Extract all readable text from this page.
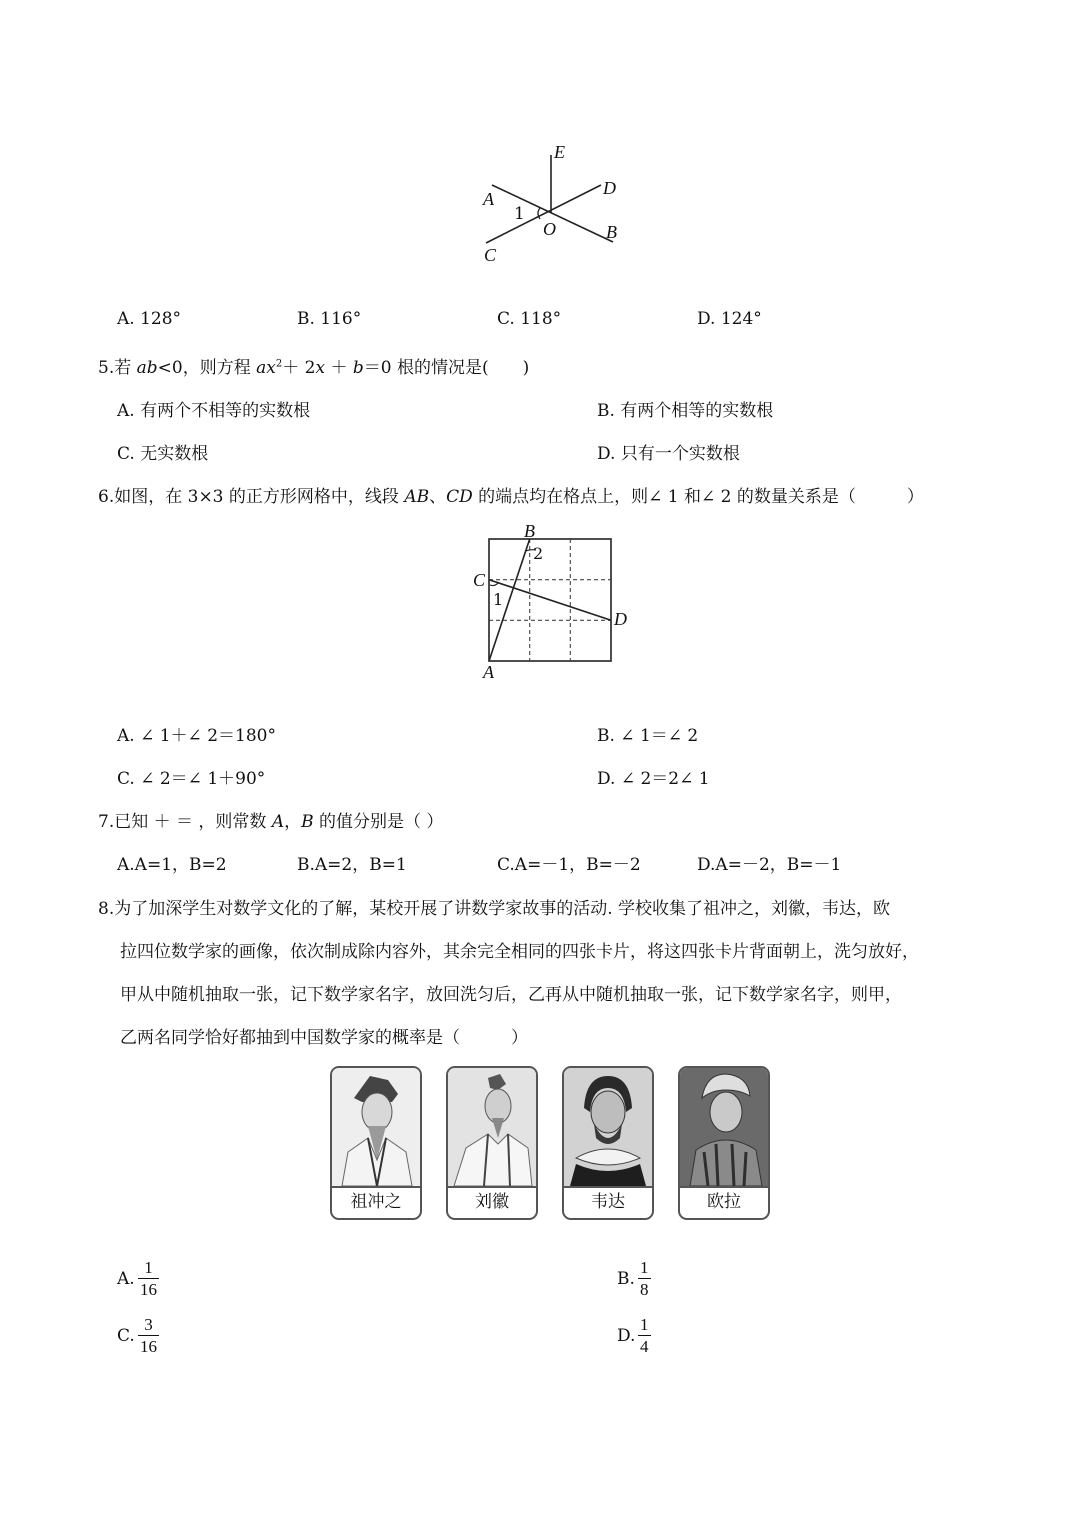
E
D
A
1
O	B
C
A. 128°	B. 116°	C. 118°	D. 124°
5.若 ab<0，则方程 $ax^2+ 2x + b=0$ 根的情况是(　　)
A. 有两个不相等的实数根	B. 有两个相等的实数根
C. 无实数根	D. 只有一个实数根
6.如图，在 3×3 的正方形网格中，线段 AB、CD 的端点均在格点上，则∠ 1 和∠ 2 的数量关系是（　　　）
B
2
C
1
D
A
A. ∠ 1＋∠ 2＝180°	B. ∠ 1＝∠ 2
C. ∠ 2＝∠ 1＋90°	D. ∠ 2＝2∠ 1
7.已知 ＋ ＝ ，则常数 A，B 的值分别是（ ）
A.A=1，B=2	B.A=2，B=1	C.A=－1，B=－2	D.A=－2，B=－1
8.为了加深学生对数学文化的了解，某校开展了讲数学家故事的活动. 学校收集了祖冲之，刘徽，韦达，欧
拉四位数学家的画像，依次制成除内容外，其余完全相同的四张卡片，将这四张卡片背面朝上，洗匀放好，
甲从中随机抽取一张，记下数学家名字，放回洗匀后，乙再从中随机抽取一张，记下数学家名字，则甲，
乙两名同学恰好都抽到中国数学家的概率是（　　　）
祖冲之	刘徽	韦达	欧拉
A. $\frac{1}{16}$	B. $\frac{1}{8}$
C. $\frac{3}{16}$	D. $\frac{1}{4}$
